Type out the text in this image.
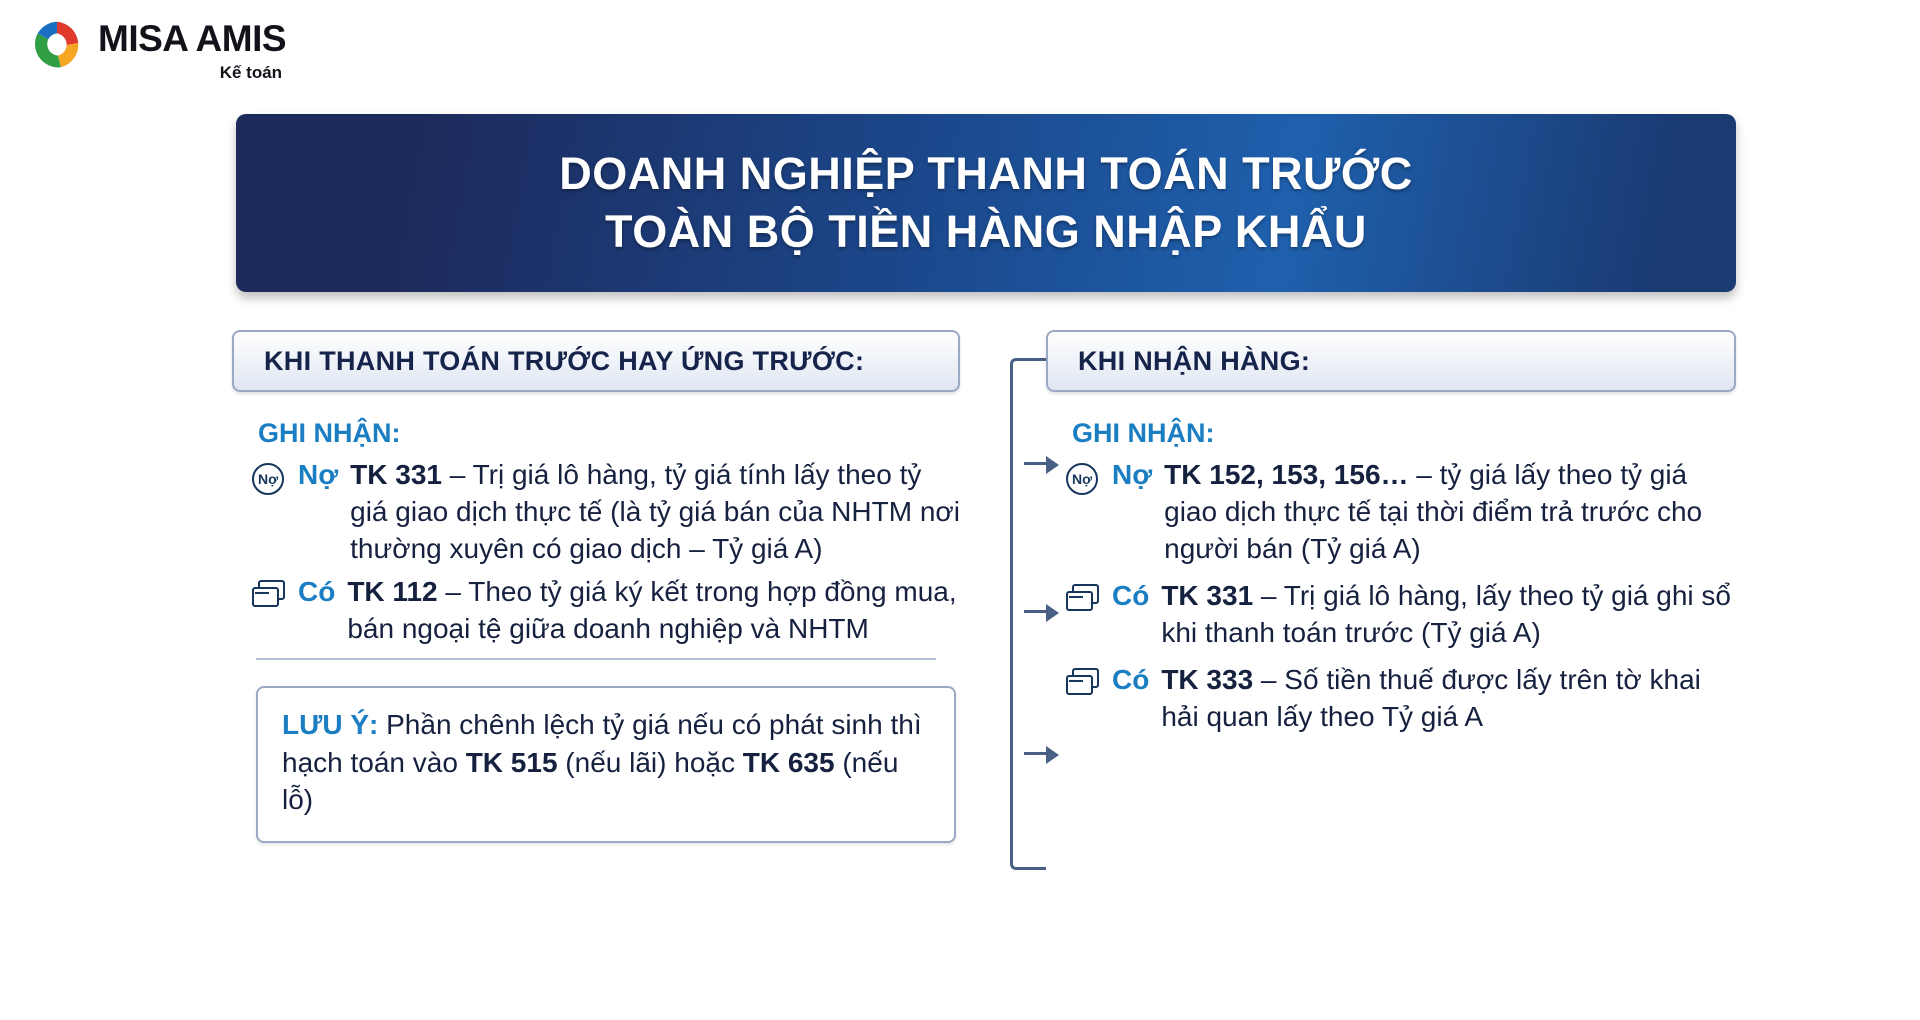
MISA AMIS
Kế toán
DOANH NGHIỆP THANH TOÁN TRƯỚC
TOÀN BỘ TIỀN HÀNG NHẬP KHẨU
KHI THANH TOÁN TRƯỚC HAY ỨNG TRƯỚC:
GHI NHẬN:
Nợ Nợ TK 331 – Trị giá lô hàng, tỷ giá tính lấy theo tỷ giá giao dịch thực tế (là tỷ giá bán của NHTM nơi thường xuyên có giao dịch – Tỷ giá A)
Có TK 112 – Theo tỷ giá ký kết trong hợp đồng mua, bán ngoại tệ giữa doanh nghiệp và NHTM
LƯU Ý: Phần chênh lệch tỷ giá nếu có phát sinh thì hạch toán vào TK 515 (nếu lãi) hoặc TK 635 (nếu lỗ)
KHI NHẬN HÀNG:
GHI NHẬN:
Nợ Nợ TK 152, 153, 156… – tỷ giá lấy theo tỷ giá giao dịch thực tế tại thời điểm trả trước cho người bán (Tỷ giá A)
Có TK 331 – Trị giá lô hàng, lấy theo tỷ giá ghi sổ khi thanh toán trước (Tỷ giá A)
Có TK 333 – Số tiền thuế được lấy trên tờ khai hải quan lấy theo Tỷ giá A
